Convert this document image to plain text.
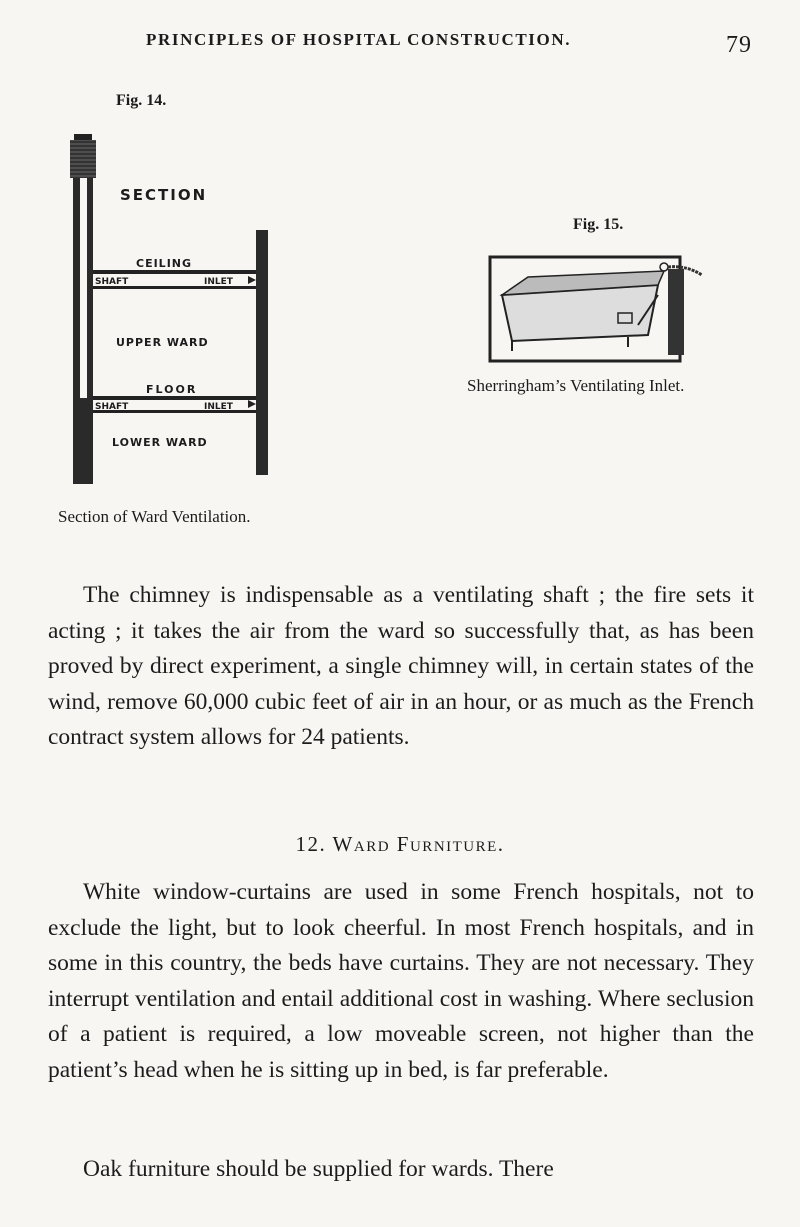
PRINCIPLES OF HOSPITAL CONSTRUCTION.	79
Fig. 14.
SECTION
CEILING
SHAFT	INLET
UPPER WARD
FLOOR
SHAFT	INLET
LOWER WARD
Section of Ward Ventilation.
Fig. 15.
Sherringham’s Ventilating Inlet.

The chimney is indispensable as a ventilating shaft ; the fire sets it acting ; it takes the air from the ward so successfully that, as has been proved by direct experiment, a single chimney will, in certain states of the wind, remove 60,000 cubic feet of air in an hour, or as much as the French contract system allows for 24 patients.

12. Ward Furniture.

White window-curtains are used in some French hospitals, not to exclude the light, but to look cheerful. In most French hospitals, and in some in this country, the beds have curtains. They are not necessary. They interrupt ventilation and entail additional cost in washing. Where seclusion of a patient is required, a low moveable screen, not higher than the patient’s head when he is sitting up in bed, is far preferable.

Oak furniture should be supplied for wards. There
